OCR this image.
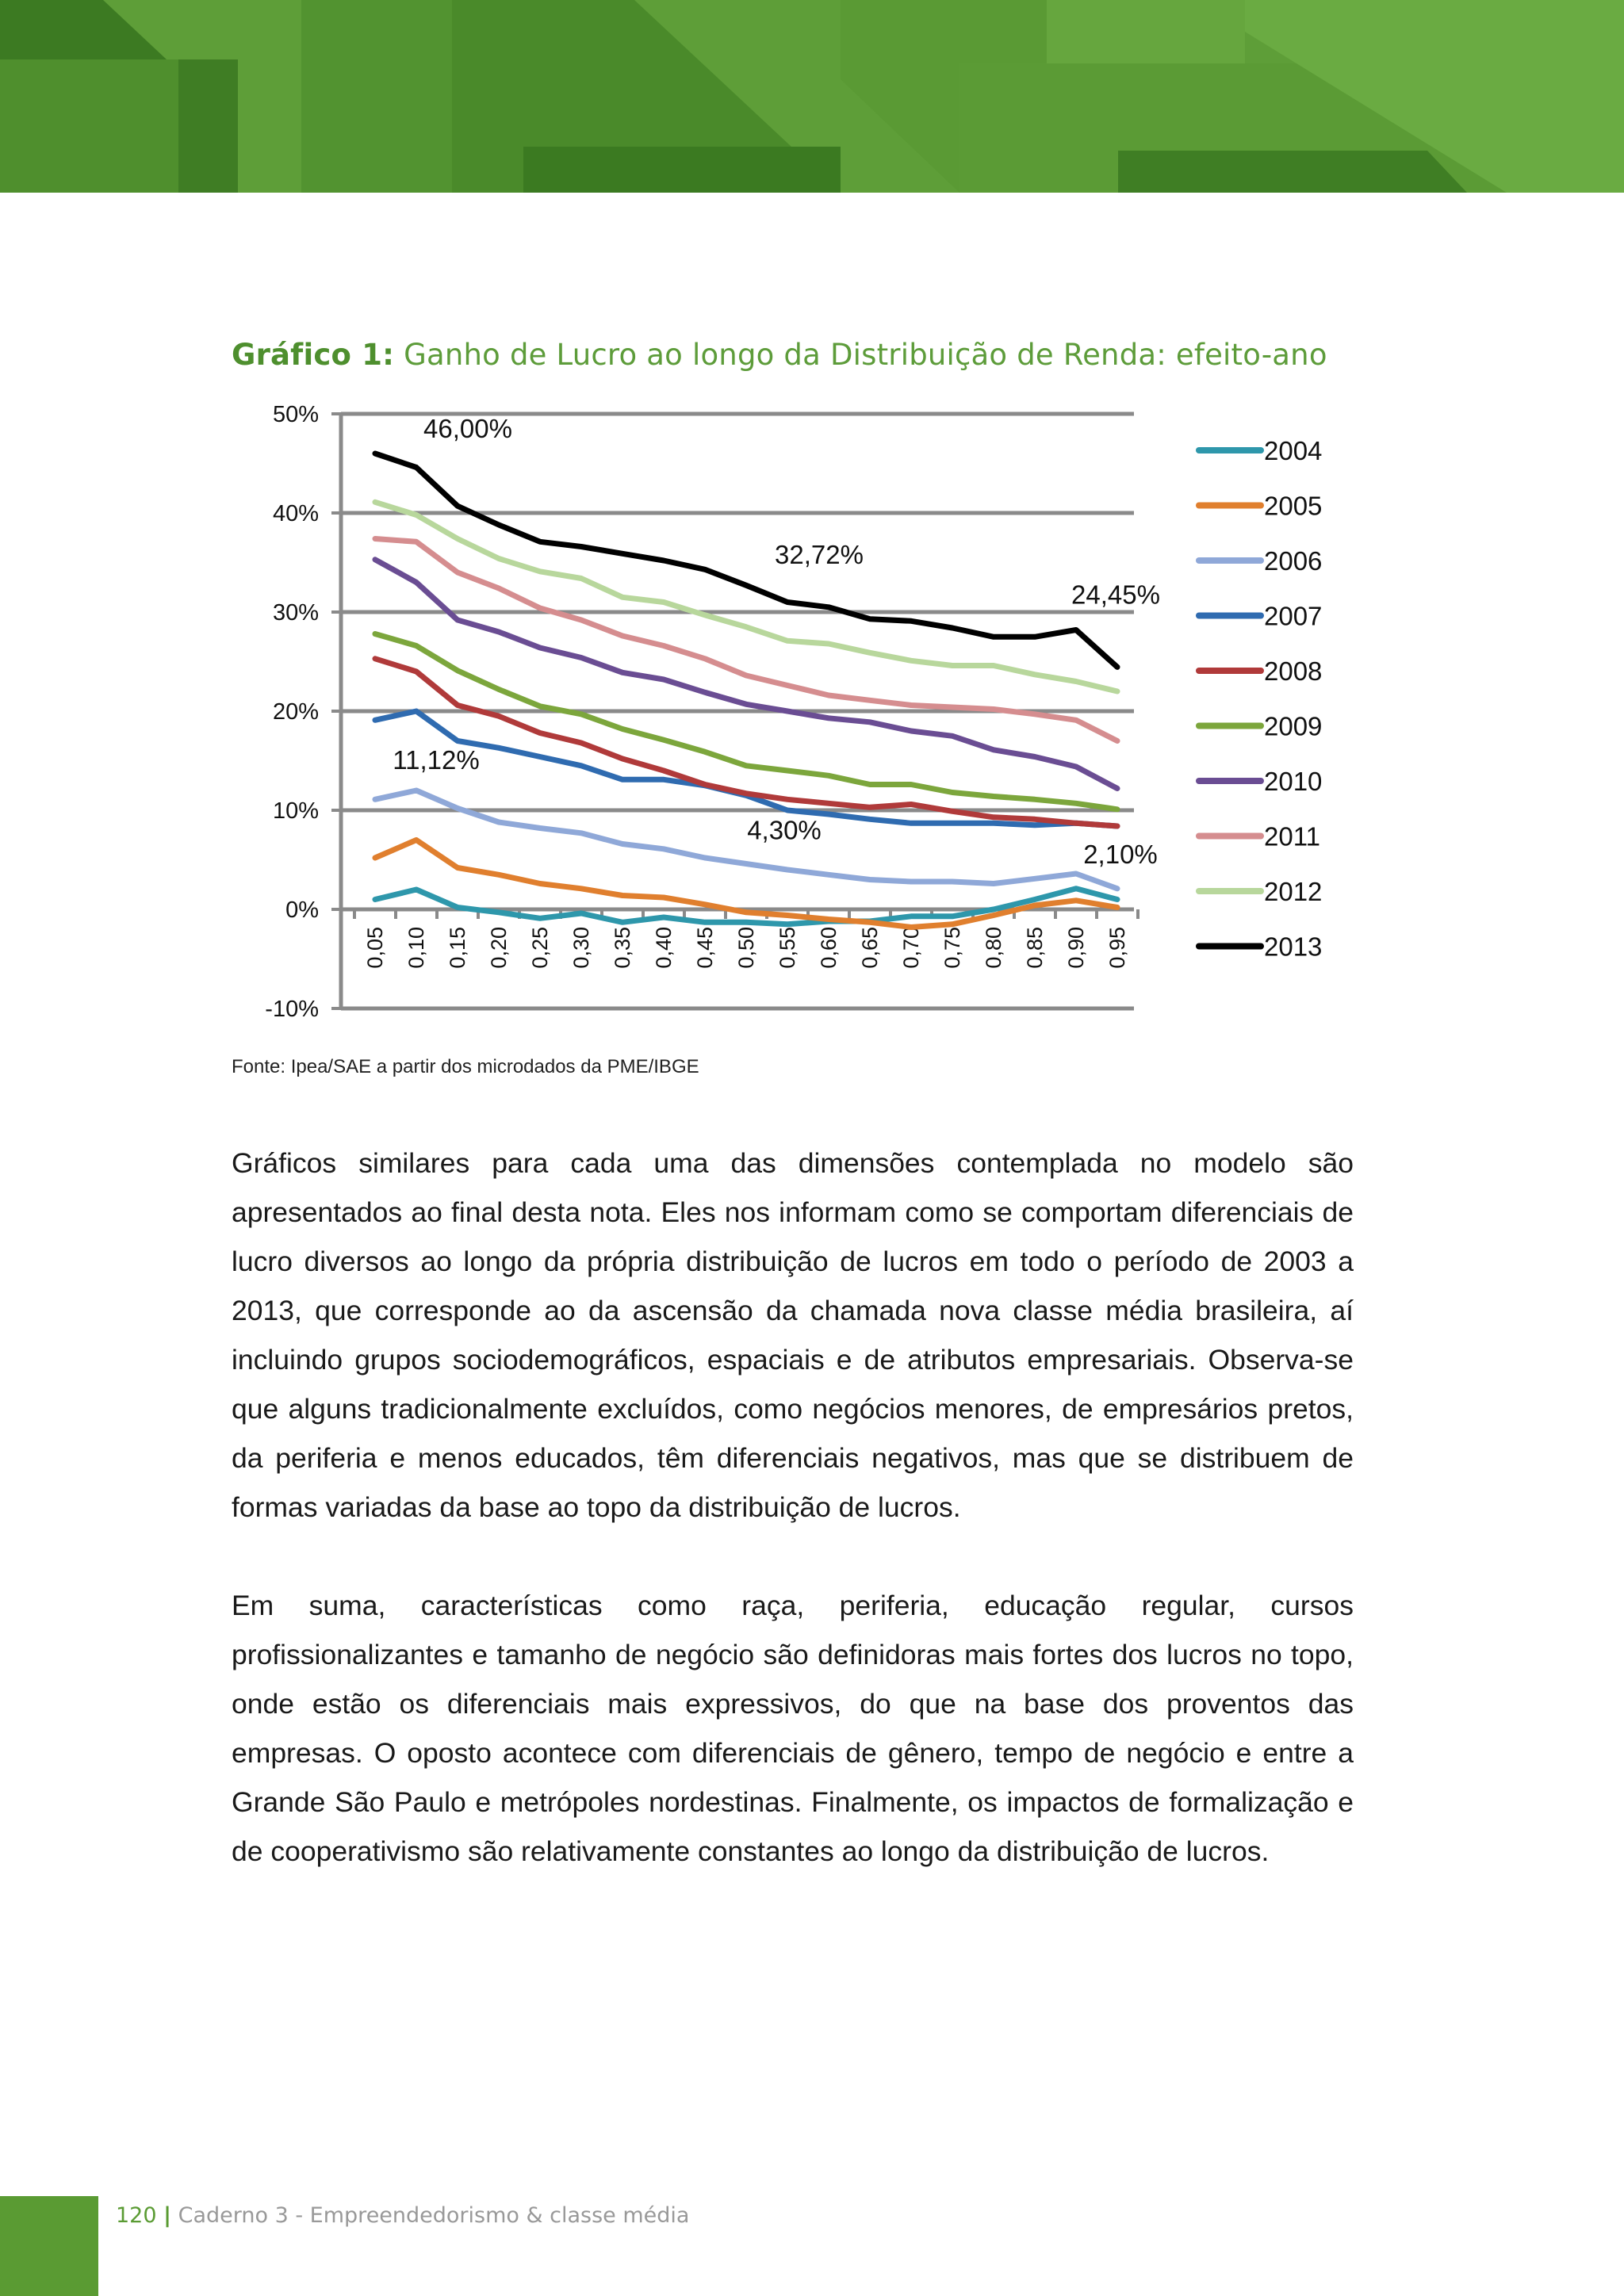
Gráfico 1: Ganho de Lucro ao longo da Distribuição de Renda: efeito-ano

50%
40%
30%
20%
10%
0%
-10%
0,05 0,10 0,15 0,20 0,25 0,30 0,35 0,40 0,45 0,50 0,55 0,60 0,65 0,70 0,75 0,80 0,85 0,90 0,95
46,00%
32,72%
24,45%
11,12%
4,30%
2,10%
2004
2005
2006
2007
2008
2009
2010
2011
2012
2013

Fonte: Ipea/SAE a partir dos microdados da PME/IBGE

Gráficos similares para cada uma das dimensões contemplada no modelo são apresentados ao final desta nota. Eles nos informam como se comportam diferenciais de lucro diversos ao longo da própria distribuição de lucros em todo o período de 2003 a 2013, que corresponde ao da ascensão da chamada nova classe média brasileira, aí incluindo grupos sociodemográficos, espaciais e de atributos empresariais. Observa-se que alguns tradicionalmente excluídos, como negócios menores, de empresários pretos, da periferia e menos educados, têm diferenciais negativos, mas que se distribuem de formas variadas da base ao topo da distribuição de lucros.

Em suma, características como raça, periferia, educação regular, cursos profissionalizantes e tamanho de negócio são definidoras mais fortes dos lucros no topo, onde estão os diferenciais mais expressivos, do que na base dos proventos das empresas. O oposto acontece com diferenciais de gênero, tempo de negócio e entre a Grande São Paulo e metrópoles nordestinas. Finalmente, os impactos de formalização e de cooperativismo são relativamente constantes ao longo da distribuição de lucros.

120 | Caderno 3 - Empreendedorismo & classe média
